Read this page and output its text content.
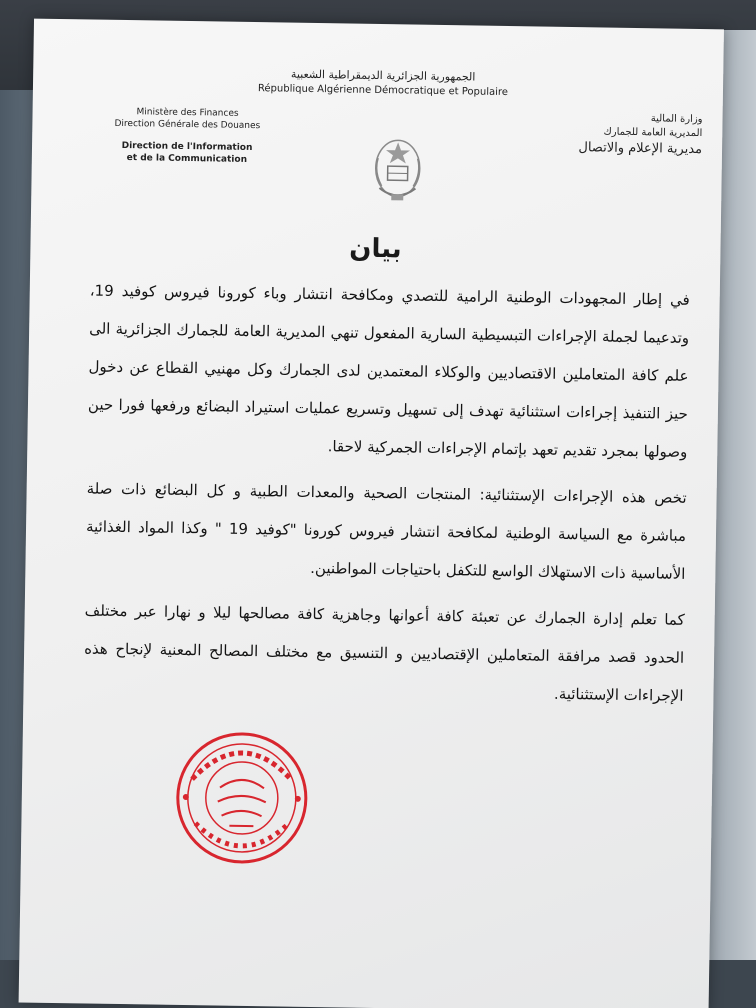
الجمهورية الجزائرية الديمقراطية الشعبية
République Algérienne Démocratique et Populaire
Ministère des Finances
Direction Générale des Douanes
Direction de l'Information
et de la Communication
وزارة المالية
المديرية العامة للجمارك
مديرية الإعلام والاتصال
بيان

في إطار المجهودات الوطنية الرامية للتصدي ومكافحة انتشار وباء كورونا فيروس كوفيد 19، وتدعيما لجملة الإجراءات التبسيطية السارية المفعول تنهي المديرية العامة للجمارك الجزائرية الى علم كافة المتعاملين الاقتصاديين والوكلاء المعتمدين لدى الجمارك وكل مهنيي القطاع عن دخول حيز التنفيذ إجراءات استثنائية تهدف إلى تسهيل وتسريع عمليات استيراد البضائع ورفعها فورا حين وصولها بمجرد تقديم تعهد بإتمام الإجراءات الجمركية لاحقا.

تخص هذه الإجراءات الإستثنائية: المنتجات الصحية والمعدات الطبية و كل البضائع ذات صلة مباشرة مع السياسة الوطنية لمكافحة انتشار فيروس كورونا "كوفيد 19 " وكذا المواد الغذائية الأساسية ذات الاستهلاك الواسع للتكفل باحتياجات المواطنين.

كما تعلم إدارة الجمارك عن تعبئة كافة أعوانها وجاهزية كافة مصالحها ليلا و نهارا عبر مختلف الحدود قصد مرافقة المتعاملين الإقتصاديين و التنسيق مع مختلف المصالح المعنية لإنجاح هذه الإجراءات الإستثنائية.
